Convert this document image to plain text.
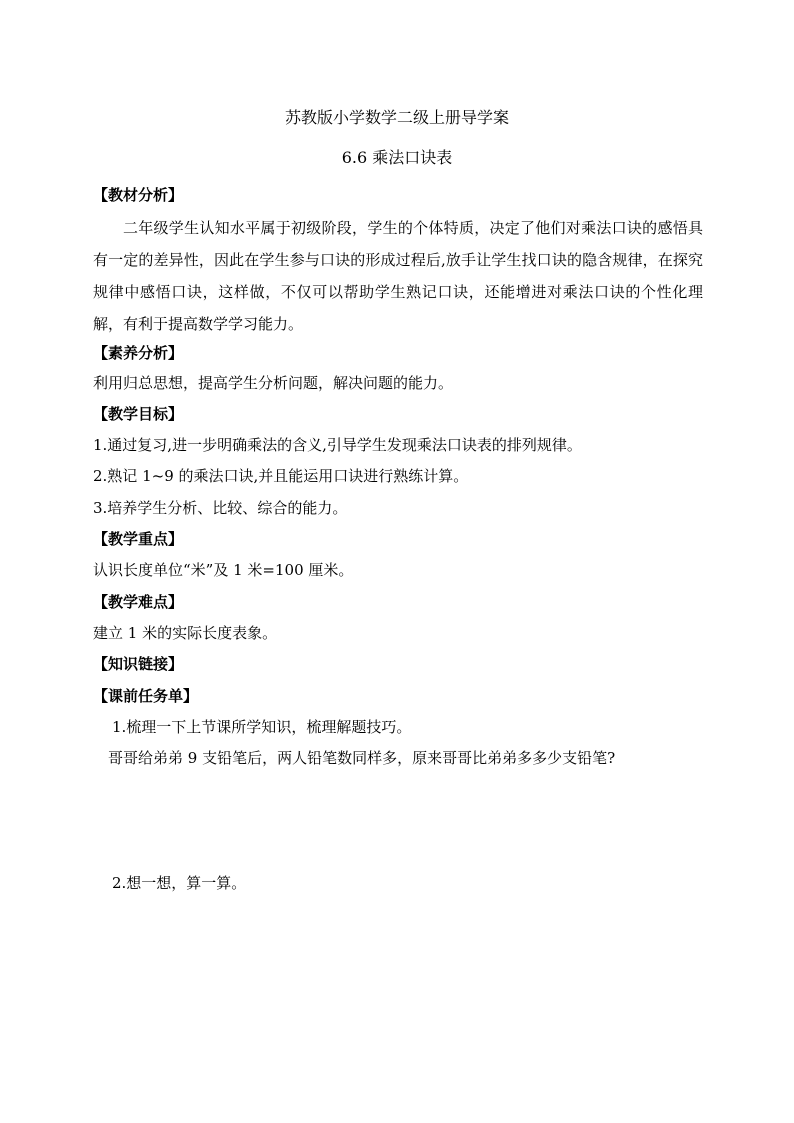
苏教版小学数学二级上册导学案
6.6 乘法口诀表
【教材分析】
二年级学生认知水平属于初级阶段，学生的个体特质，决定了他们对乘法口诀的感悟具有一定的差异性，因此在学生参与口诀的形成过程后,放手让学生找口诀的隐含规律，在探究规律中感悟口诀，这样做，不仅可以帮助学生熟记口诀，还能增进对乘法口诀的个性化理解，有利于提高数学学习能力。
【素养分析】
利用归总思想，提高学生分析问题，解决问题的能力。
【教学目标】
1.通过复习,进一步明确乘法的含义,引导学生发现乘法口诀表的排列规律。
2.熟记 1~9 的乘法口诀,并且能运用口诀进行熟练计算。
3.培养学生分析、比较、综合的能力。
【教学重点】
认识长度单位“米”及 1 米=100 厘米。
【教学难点】
建立 1 米的实际长度表象。
【知识链接】
【课前任务单】
1.梳理一下上节课所学知识，梳理解题技巧。
哥哥给弟弟 9 支铅笔后，两人铅笔数同样多，原来哥哥比弟弟多多少支铅笔?
2.想一想，算一算。
